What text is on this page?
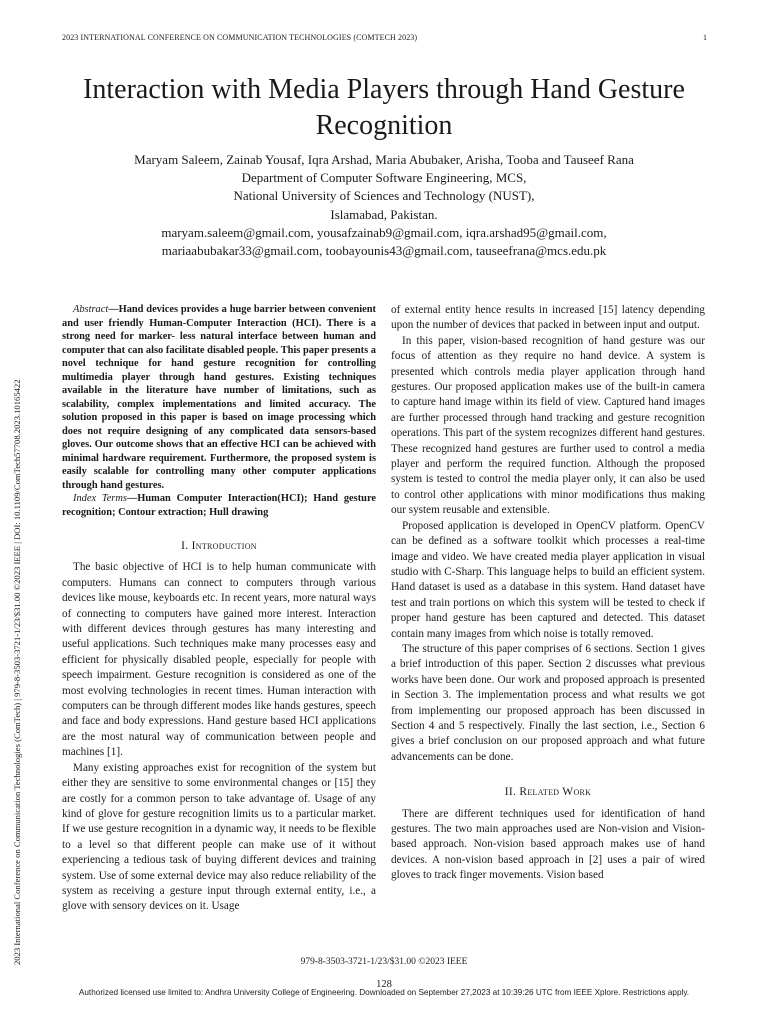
2023 INTERNATIONAL CONFERENCE ON COMMUNICATION TECHNOLOGIES (COMTECH 2023)	1
2023 International Conference on Communication Technologies (ComTech) | 979-8-3503-3721-1/23/$31.00 ©2023 IEEE | DOI: 10.1109/ComTech57708.2023.10165422
Interaction with Media Players through Hand Gesture Recognition
Maryam Saleem, Zainab Yousaf, Iqra Arshad, Maria Abubaker, Arisha, Tooba and Tauseef Rana
Department of Computer Software Engineering, MCS,
National University of Sciences and Technology (NUST),
Islamabad, Pakistan.
maryam.saleem@gmail.com, yousafzainab9@gmail.com, iqra.arshad95@gmail.com,
mariaabubakar33@gmail.com, toobayounis43@gmail.com, tauseefrana@mcs.edu.pk

Abstract—Hand devices provides a huge barrier between convenient and user friendly Human-Computer Interaction (HCI). There is a strong need for marker- less natural interface between human and computer that can also facilitate disabled people. This paper presents a novel technique for hand gesture recognition for controlling multimedia player through hand gestures. Existing techniques available in the literature have number of limitations, such as scalability, complex implementations and limited accuracy. The solution proposed in this paper is based on image processing which does not require designing of any complicated data sensors-based gloves. Our outcome shows that an effective HCI can be achieved with minimal hardware requirement. Furthermore, the proposed system is easily scalable for controlling many other computer applications through hand gestures.

Index Terms—Human Computer Interaction(HCI); Hand gesture recognition; Contour extraction; Hull drawing

I. Introduction

The basic objective of HCI is to help human communicate with computers. Humans can connect to computers through various devices like mouse, keyboards etc. In recent years, more natural ways of connecting to computers have gained more interest. Interaction with different devices through gestures has many interesting and useful applications. Such techniques make many processes easy and efficient for physically disabled people, especially for people with speech impairment. Gesture recognition is considered as one of the most evolving technologies in recent times. Human interaction with computers can be through different modes like hands gestures, speech and face and body expressions. Hand gesture based HCI applications are the most natural way of communication between people and machines [1].

Many existing approaches exist for recognition of the system but either they are sensitive to some environmental changes or [15] they are costly for a common person to take advantage of. Usage of any kind of glove for gesture recognition limits us to a particular market. If we use gesture recognition in a dynamic way, it needs to be flexible to a level so that different people can make use of it without experiencing a tedious task of buying different devices and training system. Use of some external device may also reduce reliability of the system as receiving a gesture input through external entity, i.e., a glove with sensory devices on it. Usage

of external entity hence results in increased [15] latency depending upon the number of devices that packed in between input and output.

In this paper, vision-based recognition of hand gesture was our focus of attention as they require no hand device. A system is presented which controls media player application through hand gestures. Our proposed application makes use of the built-in camera to capture hand image within its field of view. Captured hand images are further processed through hand tracking and gesture recognition operations. This part of the system recognizes different hand gestures. These recognized hand gestures are further used to control a media player and perform the required function. Although the proposed system is tested to control the media player only, it can also be used to control other applications with minor modifications thus making our system reusable and extensible.

Proposed application is developed in OpenCV platform. OpenCV can be defined as a software toolkit which processes a real-time image and video. We have created media player application in visual studio with C-Sharp. This language helps to build an efficient system. Hand dataset is used as a database in this system. Hand dataset have test and train portions on which this system will be tested to check if proper hand gesture has been captured and detected. This dataset contain many images from which noise is totally removed.

The structure of this paper comprises of 6 sections. Section 1 gives a brief introduction of this paper. Section 2 discusses what previous works have been done. Our work and proposed approach is presented in Section 3. The implementation process and what results we got from implementing our proposed approach has been discussed in Section 4 and 5 respectively. Finally the last section, i.e., Section 6 gives a brief conclusion on our proposed approach and what future advancements can be done.

II. Related Work

There are different techniques used for identification of hand gestures. The two main approaches used are Non-vision and Vision-based approach. Non-vision based approach makes use of hand devices. A non-vision based approach in [2] uses a pair of wired gloves to track finger movements. Vision based

979-8-3503-3721-1/23/$31.00 ©2023 IEEE
128
Authorized licensed use limited to: Andhra University College of Engineering. Downloaded on September 27,2023 at 10:39:26 UTC from IEEE Xplore. Restrictions apply.
